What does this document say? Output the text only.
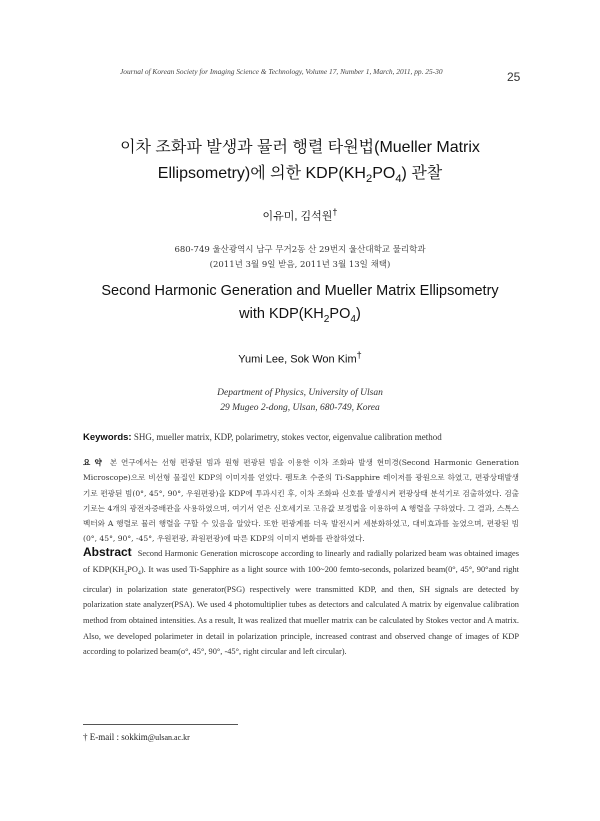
Journal of Korean Society for Imaging Science & Technology, Volume 17, Number 1, March, 2011, pp. 25-30	25
이차 조화파 발생과 뮬러 행렬 타원법(Mueller Matrix
Ellipsometry)에 의한 $KDP(KH_2PO_4)$ 관찰
이유미, 김석원†
680-749 울산광역시 남구 무거2동 산 29번지 울산대학교 물리학과
(2011년 3월 9일 받음, 2011년 3월 13일 채택)
Second Harmonic Generation and Mueller Matrix Ellipsometry
with $KDP(KH_2PO_4)$
Yumi Lee, Sok Won Kim†
Department of Physics, University of Ulsan
29 Mugeo 2-dong, Ulsan, 680-749, Korea
Keywords: SHG, mueller matrix, KDP, polarimetry, stokes vector, eigenvalue calibration method
요 약 본 연구에서는 선형 편광된 빔과 원형 편광된 빔을 이용한 이차 조화파 발생 현미경(Second Harmonic Generation Microscope)으로 비선형 물질인 KDP의 이미지를 얻었다. 펨토초 수준의 Ti-Sapphire 레이저를 광원으로 하였고, 편광상태발생기로 편광된 빔(0°, 45°, 90°, 우원편광)을 KDP에 투과시킨 후, 이차 조화파 신호를 발생시켜 편광상태 분석기로 검출하였다. 검출기로는 4개의 광전자증배관을 사용하였으며, 여기서 얻은 신호세기로 고유값 보정법을 이용하여 A 행렬을 구하였다. 그 결과, 스톡스 벡터와 A 행렬로 뮬러 행렬을 구할 수 있음을 알았다. 또한 편광계를 더욱 발전시켜 세분화하였고, 대비효과를 높였으며, 편광된 빔(0°, 45°, 90°, -45°, 우원편광, 좌원편광)에 따른 KDP의 이미지 변화를 관찰하였다.
Abstract Second Harmonic Generation microscope according to linearly and radially polarized beam was obtained images of $KDP(KH_2PO_4)$. It was used Ti-Sapphire as a light source with 100~200 femto-seconds, polarized beam(0°, 45°, 90°and right circular) in polarization state generator(PSG) respectively were transmitted KDP, and then, SH signals are detected by polarization state analyzer(PSA). We used 4 photomultiplier tubes as detectors and calculated A matrix by eigenvalue calibration method from obtained intensities. As a result, It was realized that mueller matrix can be calculated by Stokes vector and A matrix. Also, we developed polarimeter in detail in polarization principle, increased contrast and observed change of images of KDP according to polarized beam(o°, 45°, 90°, -45°, right circular and left circular).
† E-mail : sokkim@ulsan.ac.kr
